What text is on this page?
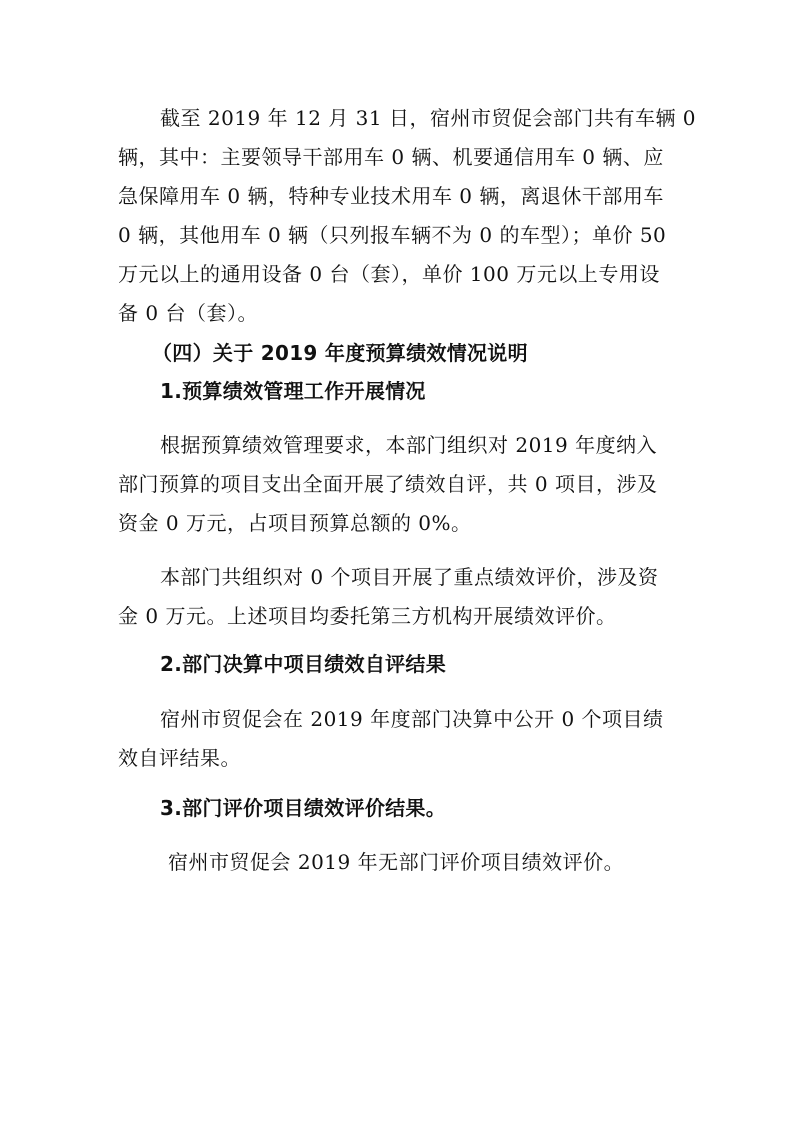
截至 2019 年 12 月 31 日，宿州市贸促会部门共有车辆 0
辆，其中：主要领导干部用车 0 辆、机要通信用车 0 辆、应
急保障用车 0 辆，特种专业技术用车 0 辆，离退休干部用车
0 辆，其他用车 0 辆（只列报车辆不为 0 的车型）；单价 50
万元以上的通用设备 0 台（套），单价 100 万元以上专用设
备 0 台（套）。
（四）关于 2019 年度预算绩效情况说明
1.预算绩效管理工作开展情况
根据预算绩效管理要求，本部门组织对 2019 年度纳入
部门预算的项目支出全面开展了绩效自评，共 0 项目，涉及
资金 0 万元，占项目预算总额的 0%。
本部门共组织对 0 个项目开展了重点绩效评价，涉及资
金 0 万元。上述项目均委托第三方机构开展绩效评价。
2.部门决算中项目绩效自评结果
宿州市贸促会在 2019 年度部门决算中公开 0 个项目绩
效自评结果。
3.部门评价项目绩效评价结果。
宿州市贸促会 2019 年无部门评价项目绩效评价。
